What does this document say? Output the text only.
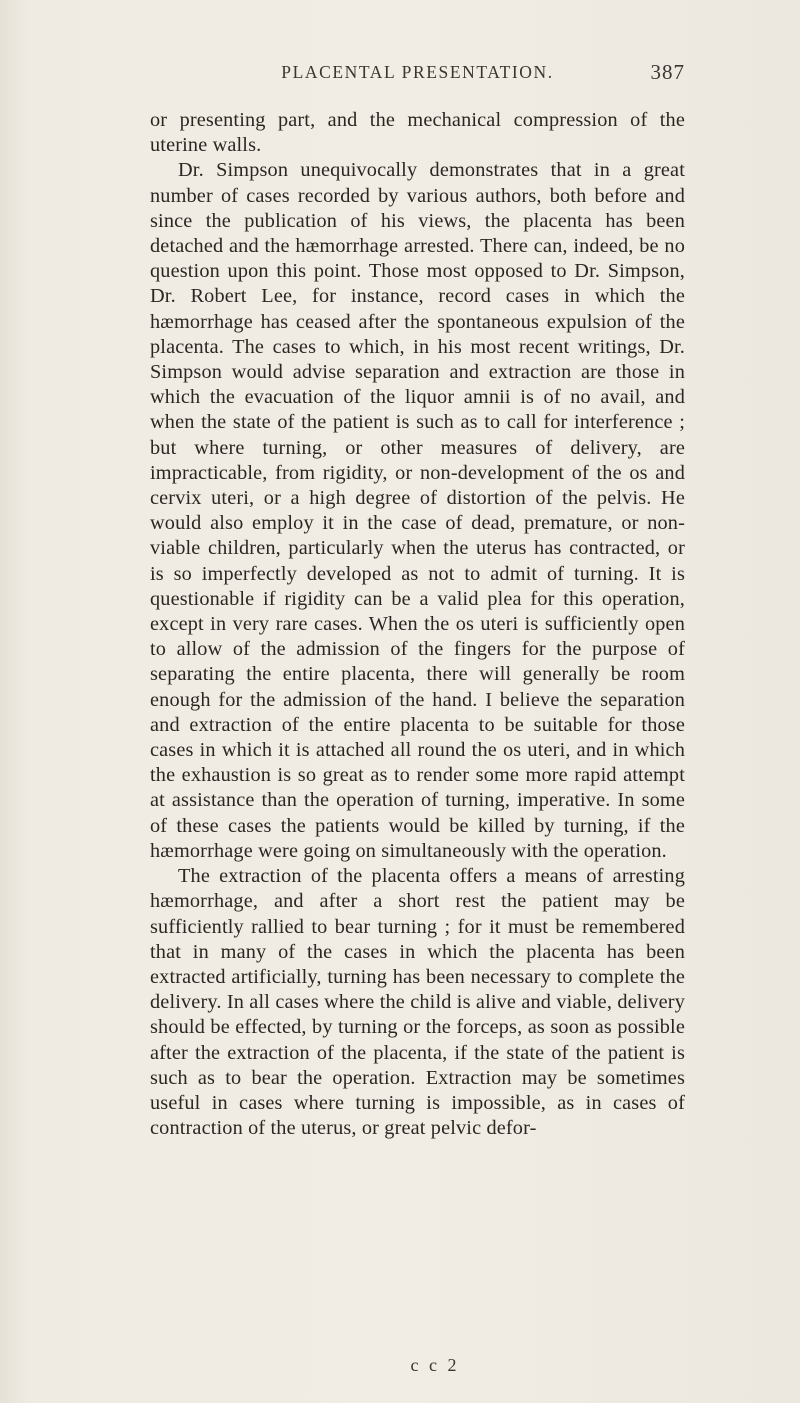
PLACENTAL PRESENTATION.	387

or presenting part, and the mechanical compression of the uterine walls.

Dr. Simpson unequivocally demonstrates that in a great number of cases recorded by various authors, both before and since the publication of his views, the placenta has been detached and the hæmorrhage arrested. There can, indeed, be no question upon this point. Those most opposed to Dr. Simpson, Dr. Robert Lee, for instance, record cases in which the hæmorrhage has ceased after the spontaneous expulsion of the placenta. The cases to which, in his most recent writings, Dr. Simpson would advise separation and extraction are those in which the evacuation of the liquor amnii is of no avail, and when the state of the patient is such as to call for interference ; but where turning, or other measures of delivery, are impracticable, from rigidity, or non-development of the os and cervix uteri, or a high degree of distortion of the pelvis. He would also employ it in the case of dead, premature, or non-viable children, particularly when the uterus has contracted, or is so imperfectly developed as not to admit of turning. It is questionable if rigidity can be a valid plea for this operation, except in very rare cases. When the os uteri is sufficiently open to allow of the admission of the fingers for the purpose of separating the entire placenta, there will generally be room enough for the admission of the hand. I believe the separation and extraction of the entire placenta to be suitable for those cases in which it is attached all round the os uteri, and in which the exhaustion is so great as to render some more rapid attempt at assistance than the operation of turning, imperative. In some of these cases the patients would be killed by turning, if the hæmorrhage were going on simultaneously with the operation.

The extraction of the placenta offers a means of arresting hæmorrhage, and after a short rest the patient may be sufficiently rallied to bear turning ; for it must be remembered that in many of the cases in which the placenta has been extracted artificially, turning has been necessary to complete the delivery. In all cases where the child is alive and viable, delivery should be effected, by turning or the forceps, as soon as possible after the extraction of the placenta, if the state of the patient is such as to bear the operation. Extraction may be sometimes useful in cases where turning is impossible, as in cases of contraction of the uterus, or great pelvic defor-

c c 2
